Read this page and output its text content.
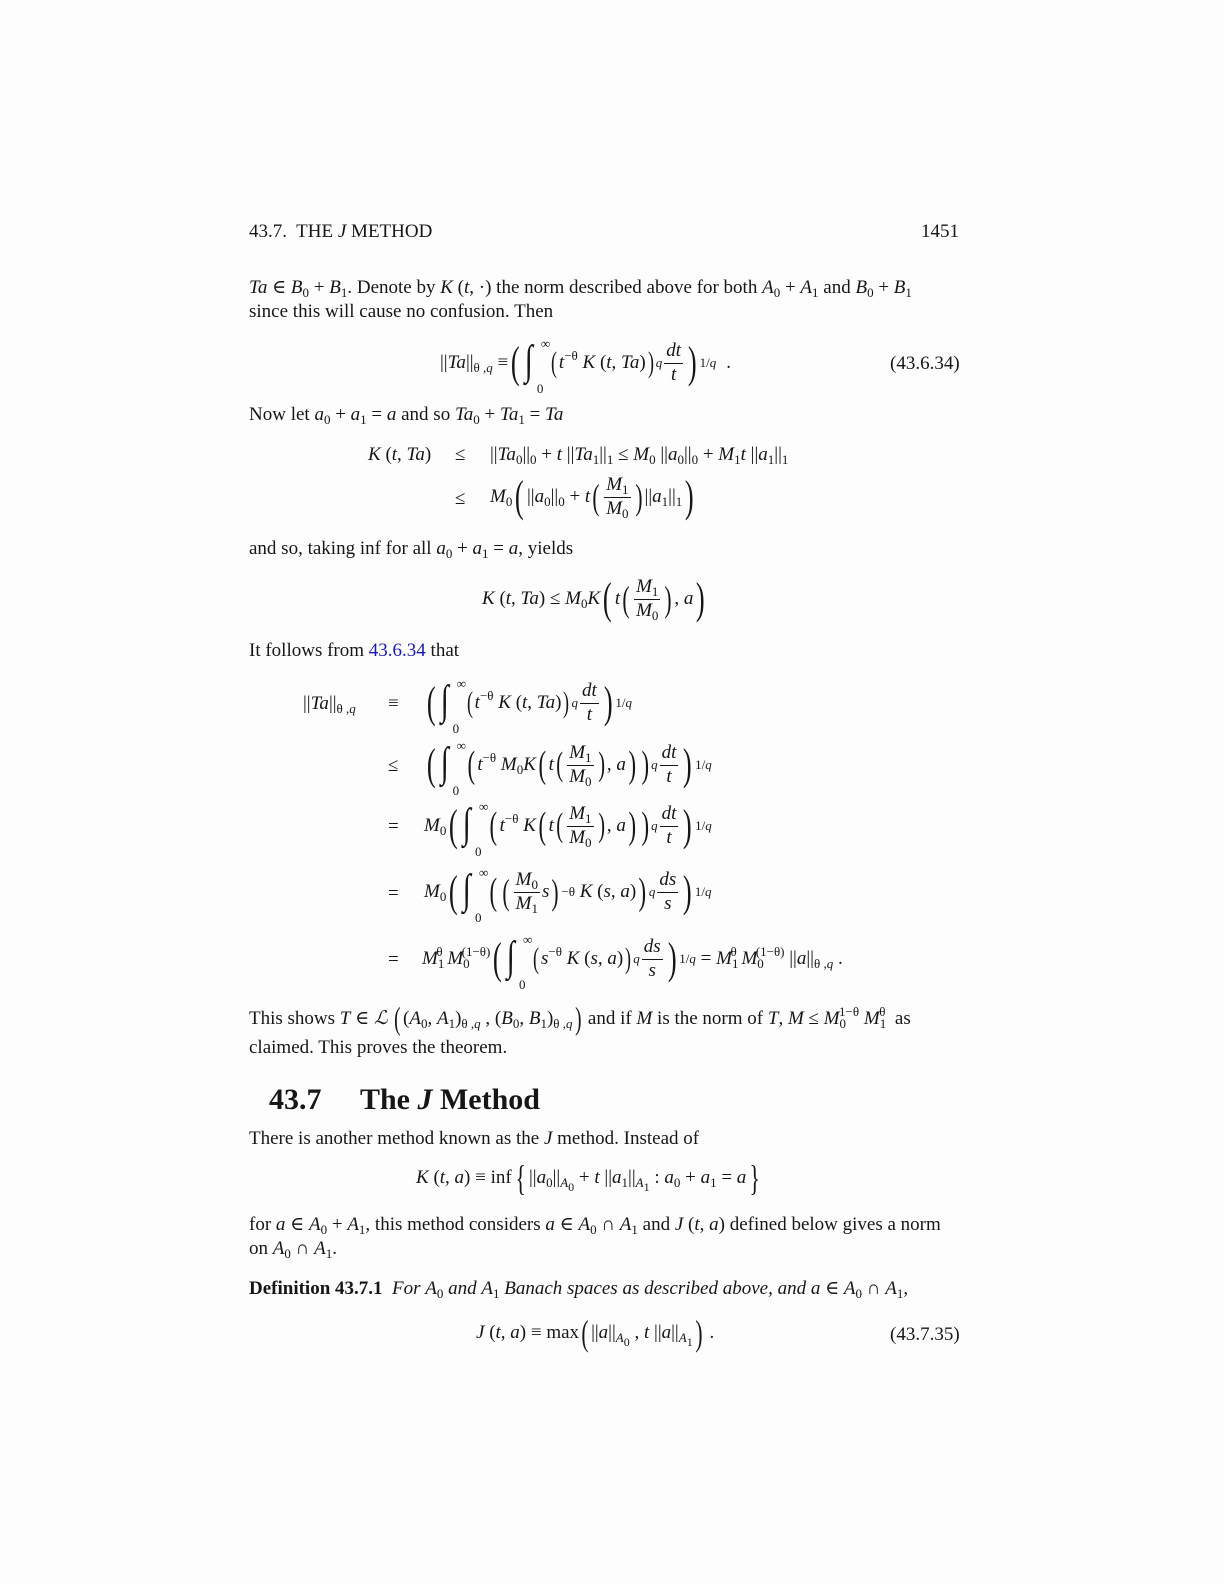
43.7. THE J METHOD	1451
Ta ∈ $B_0 + B_1$. Denote by K (t, ·) the norm described above for both $A_0 + A_1$ and $B_0 + B_1$
since this will cause no confusion. Then
$||Ta||_{\theta ,q}$ ≡ ( ∫ ∞
0
( $t^{-\theta}$ K (t, Ta) ) q $\frac{dt}{t}$ ) 1/q .	(43.6.34)
Now let $a_0 + a_1 = a$ and so $Ta_0 + Ta_1 = Ta$
K (t, $Ta) \le ||Ta_0||_0 + t$ $||Ta_1||_1 \le M_0$ $||a_0||_0 + M_1t$ $||a_1||_1$
≤ $M_0$ ( $||a_0||_0 + t$ ( $\frac{M_1}{M_0}$ ) $||a_1||_1$ )
and so, taking inf for all $a_0 + a_1 = a$, yields
K (t, $Ta) \le M_0K$ ( t ( $\frac{M_1}{M_0}$ ) , a )
It follows from 43.6.34 that
$||Ta||_{\theta ,q}$ ≡ ( ∫ ∞
0
( $t^{-\theta}$ K (t, Ta) ) q $\frac{dt}{t}$ ) 1/q
≤ ( ∫ ∞
0
( $t^{-\theta}$ $M_0K$ ( t ( $\frac{M_1}{M_0}$ ) , a ) ) q $\frac{dt}{t}$ ) 1/q
= $M_0$ ( ∫ ∞
0
( $t^{-\theta}$ K ( t ( $\frac{M_1}{M_0}$ ) , a ) ) q $\frac{dt}{t}$ ) 1/q
= $M_0$ ( ∫ ∞
0
( ( $\frac{M_0}{M_1}$ s ) −θ K (s, a) ) q $\frac{ds}{s}$ ) 1/q
= $M_1^\theta$ $M_0^{(1-\theta)}$ ( ∫ ∞
0
( $s^{-\theta}$ K (s, a) ) q $\frac{ds}{s}$ ) $1/q = M_1^\theta$ $M_0^{(1-\theta)}$ $||a||_{\theta ,q}$ .
This shows T ∈ ℒ ( ($A_0$, $A_1)_{\theta ,q}$ , ($B_0$, $B_1)_{\theta ,q}$ )
and if M is the norm of T, $M \le M_0^{1-\theta}$ $M_1^\theta$ as
claimed. This proves the theorem.
43.7 The J Method
There is another method known as the J method. Instead of
K (t, a) ≡ inf { $||a_0||_{A_0} + t$ $||a_1||_{A_1}$ : $a_0 + a_1 = a$ }
for a ∈ $A_0 + A_1$, this method considers a ∈ $A_0$ ∩ $A_1$ and J (t, a) defined below gives a norm
on $A_0$ ∩ $A_1$.
Definition 43.7.1 For $A_0$ and $A_1$ Banach spaces as described above, and a ∈ $A_0$ ∩ $A_1$,
J (t, a) ≡ max ( $||a||_{A_0}$ , t $||a||_{A_1}$ ) .	(43.7.35)
